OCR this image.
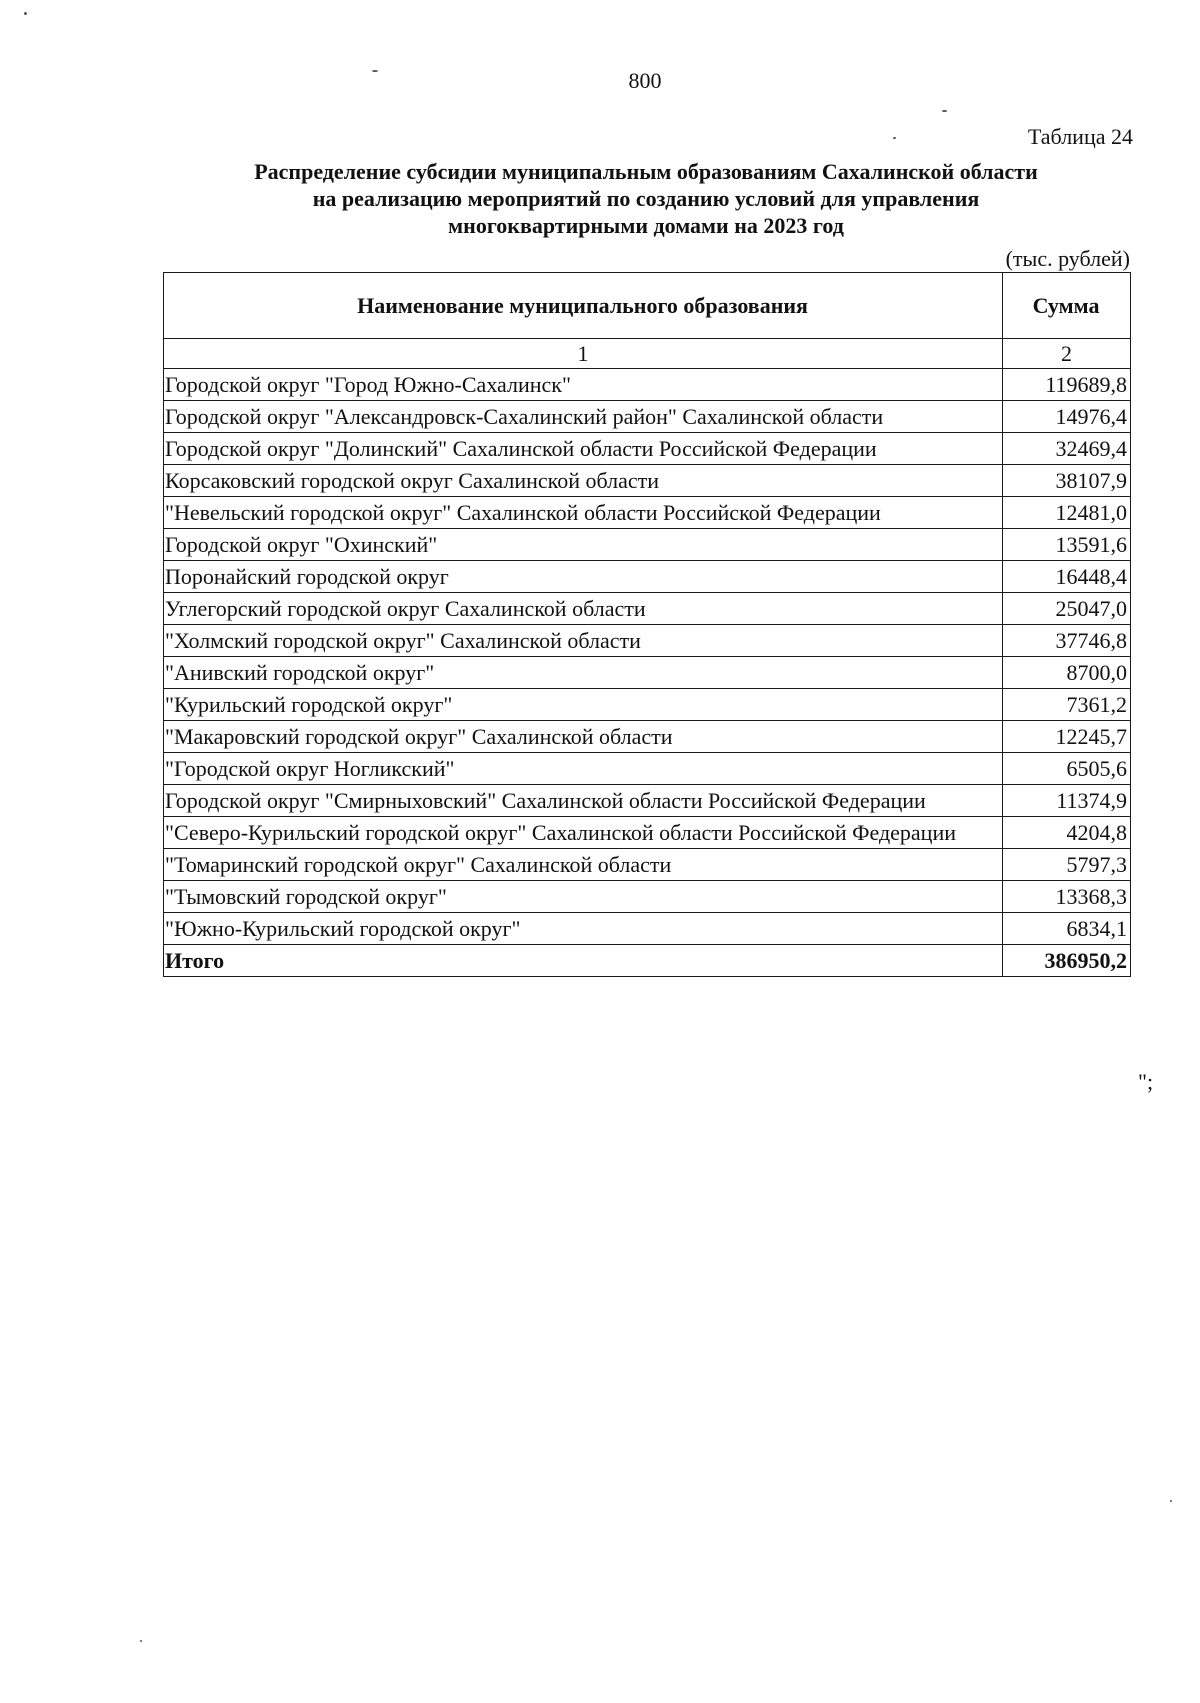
800
Таблица 24
Распределение субсидии муниципальным образованиям Сахалинской области
на реализацию мероприятий по созданию условий для управления
многоквартирными домами на 2023 год
(тыс. рублей)
Наименование муниципального образования	Сумма
1	2
Городской округ "Город Южно-Сахалинск"	119689,8
Городской округ "Александровск-Сахалинский район" Сахалинской области	14976,4
Городской округ "Долинский" Сахалинской области Российской Федерации	32469,4
Корсаковский городской округ Сахалинской области	38107,9
"Невельский городской округ" Сахалинской области Российской Федерации	12481,0
Городской округ "Охинский"	13591,6
Поронайский городской округ	16448,4
Углегорский городской округ Сахалинской области	25047,0
"Холмский городской округ" Сахалинской области	37746,8
"Анивский городской округ"	8700,0
"Курильский городской округ"	7361,2
"Макаровский городской округ" Сахалинской области	12245,7
"Городской округ Ногликский"	6505,6
Городской округ "Смирныховский" Сахалинской области Российской Федерации	11374,9
"Северо-Курильский городской округ" Сахалинской области Российской Федерации	4204,8
"Томаринский городской округ" Сахалинской области	5797,3
"Тымовский городской округ"	13368,3
"Южно-Курильский городской округ"	6834,1
Итого	386950,2
";
